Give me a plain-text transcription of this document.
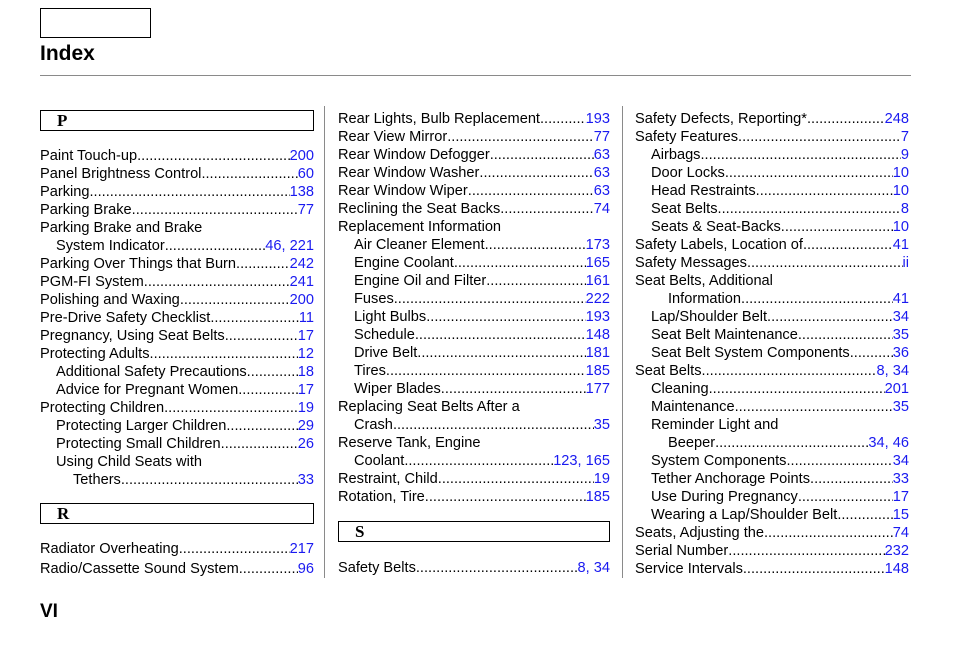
Index
P
Paint Touch-up .....	200
Panel Brightness Control .....	60
Parking .....	138
Parking Brake .....	77
Parking Brake and Brake
System Indicator .....	46, 221
Parking Over Things that Burn .....	242
PGM-FI System .....	241
Polishing and Waxing .....	200
Pre-Drive Safety Checklist .....	11
Pregnancy, Using Seat Belts .....	17
Protecting Adults .....	12
Additional Safety Precautions .....	18
Advice for Pregnant Women .....	17
Protecting Children .....	19
Protecting Larger Children .....	29
Protecting Small Children .....	26
Using Child Seats with
Tethers .....	33
R
Radiator Overheating .....	217
Radio/Cassette Sound System .....	96
Rear Lights, Bulb Replacement .....	193
Rear View Mirror .....	77
Rear Window Defogger .....	63
Rear Window Washer .....	63
Rear Window Wiper .....	63
Reclining the Seat Backs .....	74
Replacement Information
Air Cleaner Element .....	173
Engine Coolant .....	165
Engine Oil and Filter .....	161
Fuses .....	222
Light Bulbs .....	193
Schedule .....	148
Drive Belt .....	181
Tires .....	185
Wiper Blades .....	177
Replacing Seat Belts After a
Crash .....	35
Reserve Tank, Engine
Coolant .....	123, 165
Restraint, Child .....	19
Rotation, Tire .....	185
S
Safety Belts .....	8, 34
Safety Defects, Reporting* .....	248
Safety Features .....	7
Airbags .....	9
Door Locks .....	10
Head Restraints .....	10
Seat Belts .....	8
Seats & Seat-Backs .....	10
Safety Labels, Location of .....	41
Safety Messages .....	ii
Seat Belts, Additional
Information .....	41
Lap/Shoulder Belt .....	34
Seat Belt Maintenance .....	35
Seat Belt System Components .....	36
Seat Belts .....	8, 34
Cleaning .....	201
Maintenance .....	35
Reminder Light and
Beeper .....	34, 46
System Components .....	34
Tether Anchorage Points .....	33
Use During Pregnancy .....	17
Wearing a Lap/Shoulder Belt .....	15
Seats, Adjusting the .....	74
Serial Number .....	232
Service Intervals .....	148
VI
